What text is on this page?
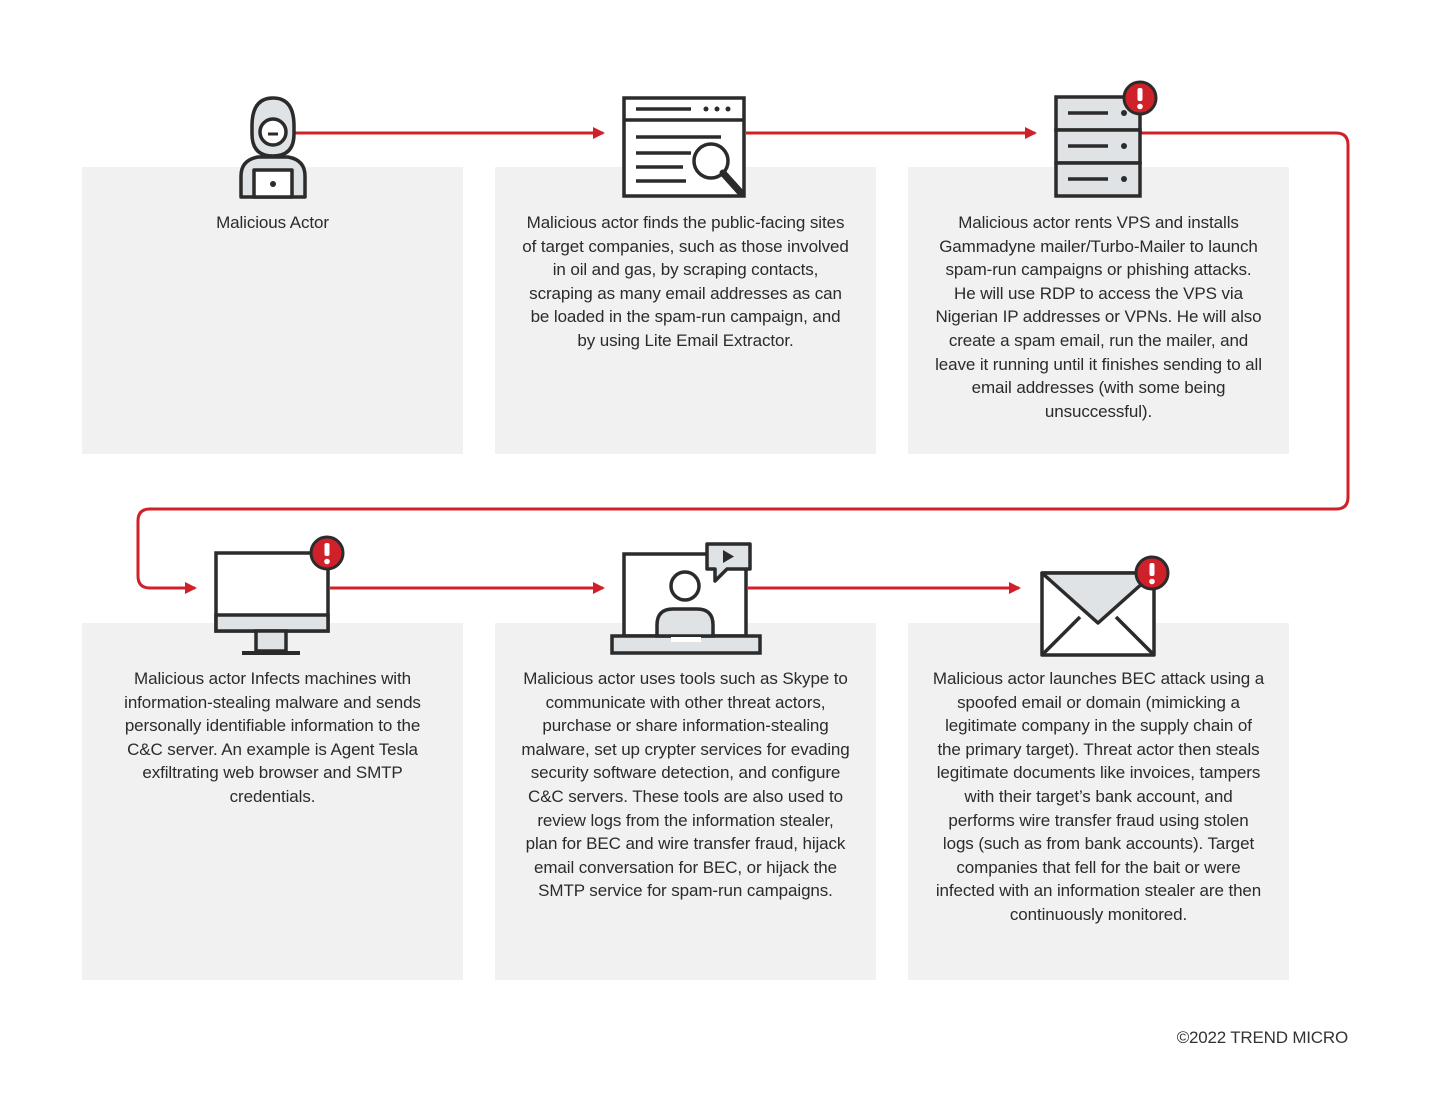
Malicious Actor	Malicious actor finds the public-facing sites of target companies, such as those involved in oil and gas, by scraping contacts, scraping as many email addresses as can be loaded in the spam-run campaign, and by using Lite Email Extractor.
Malicious actor rents VPS and installs Gammadyne mailer/Turbo-Mailer to launch spam-run campaigns or phishing attacks. He will use RDP to access the VPS via Nigerian IP addresses or VPNs. He will also create a spam email, run the mailer, and leave it running until it finishes sending to all email addresses (with some being unsuccessful).
Malicious actor Infects machines with information-stealing malware and sends personally identifiable information to the C&C server. An example is Agent Tesla exfiltrating web browser and SMTP credentials.
Malicious actor uses tools such as Skype to communicate with other threat actors, purchase or share information-stealing malware, set up crypter services for evading security software detection, and configure C&C servers. These tools are also used to review logs from the information stealer, plan for BEC and wire transfer fraud, hijack email conversation for BEC, or hijack the SMTP service for spam-run campaigns.
Malicious actor launches BEC attack using a spoofed email or domain (mimicking a legitimate company in the supply chain of the primary target). Threat actor then steals legitimate documents like invoices, tampers with their target’s bank account, and performs wire transfer fraud using stolen logs (such as from bank accounts). Target companies that fell for the bait or were infected with an information stealer are then continuously monitored.
©2022 TREND MICRO
